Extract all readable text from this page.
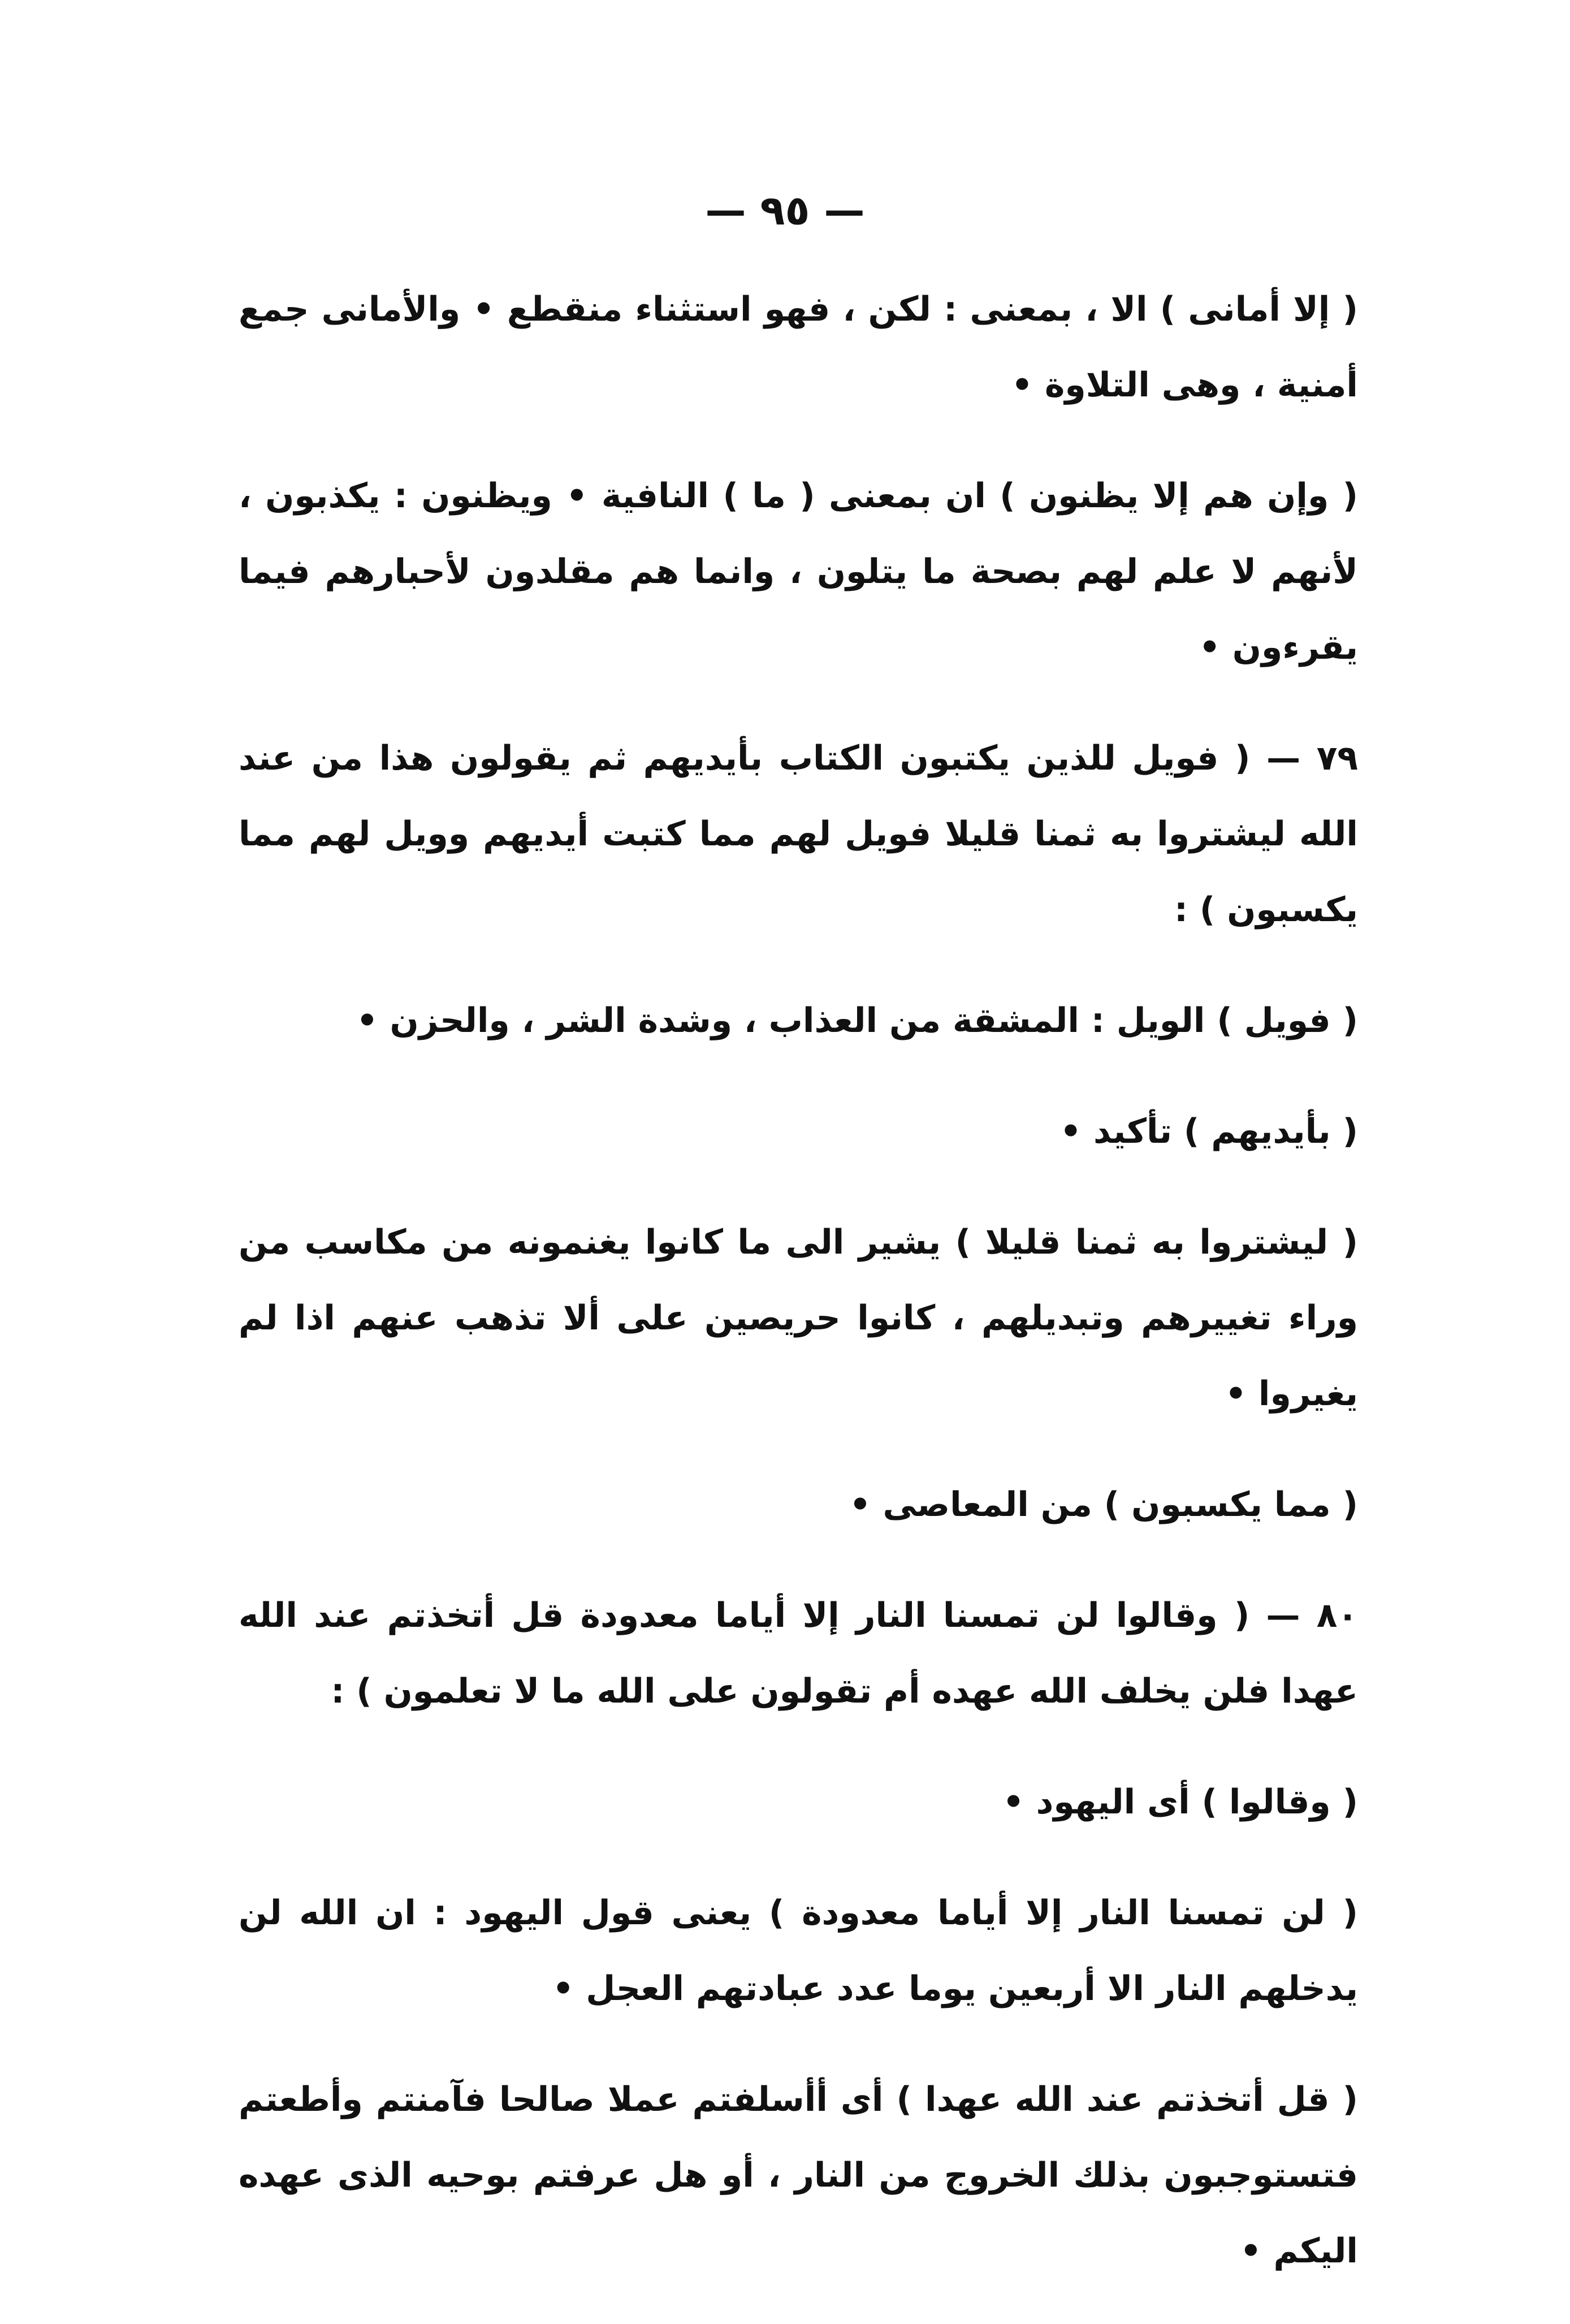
— ٩٥ —

( إلا أمانى ) الا ، بمعنى : لكن ، فهو استثناء منقطع • والأمانى جمع أمنية ، وهى التلاوة •

( وإن هم إلا يظنون ) ان بمعنى ( ما ) النافية • ويظنون : يكذبون ، لأنهم لا علم لهم بصحة ما يتلون ، وانما هم مقلدون لأحبارهم فيما يقرءون •

٧٩ — ( فويل للذين يكتبون الكتاب بأيديهم ثم يقولون هذا من عند الله ليشتروا به ثمنا قليلا فويل لهم مما كتبت أيديهم وويل لهم مما يكسبون ) :

( فويل ) الويل : المشقة من العذاب ، وشدة الشر ، والحزن •

( بأيديهم ) تأكيد •

( ليشتروا به ثمنا قليلا ) يشير الى ما كانوا يغنمونه من مكاسب من وراء تغييرهم وتبديلهم ، كانوا حريصين على ألا تذهب عنهم اذا لم يغيروا •

( مما يكسبون ) من المعاصى •

٨٠ — ( وقالوا لن تمسنا النار إلا أياما معدودة قل أتخذتم عند الله عهدا فلن يخلف الله عهده أم تقولون على الله ما لا تعلمون ) :

( وقالوا ) أى اليهود •

( لن تمسنا النار إلا أياما معدودة ) يعنى قول اليهود : ان الله لن يدخلهم النار الا أربعين يوما عدد عبادتهم العجل •

( قل أتخذتم عند الله عهدا ) أى أأسلفتم عملا صالحا فآمنتم وأطعتم فتستوجبون بذلك الخروج من النار ، أو هل عرفتم بوحيه الذى عهده اليكم •
